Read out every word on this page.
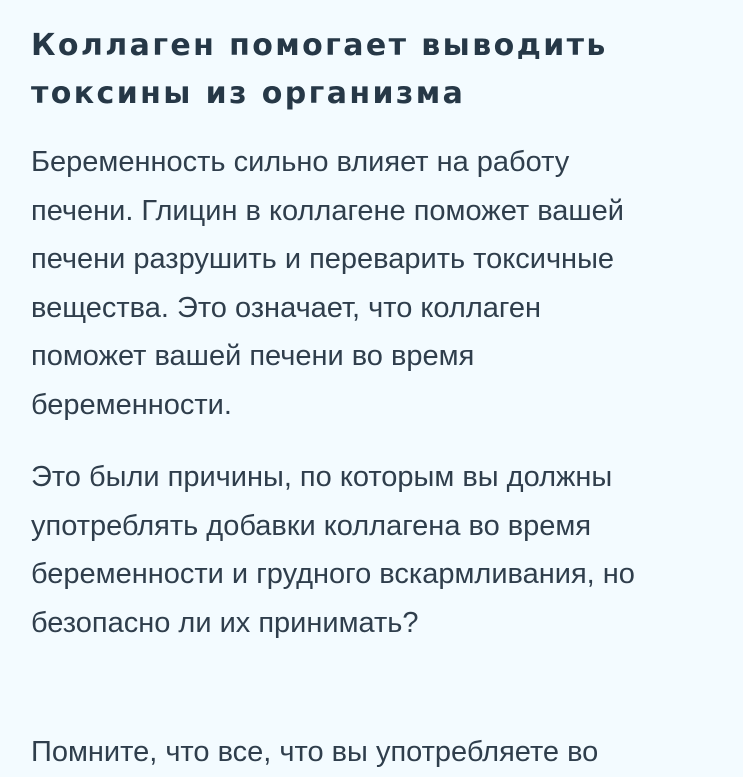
Коллаген помогает выводить
токсины из организма

Беременность сильно влияет на работу
печени. Глицин в коллагене поможет вашей
печени разрушить и переварить токсичные
вещества. Это означает, что коллаген
поможет вашей печени во время
беременности.

Это были причины, по которым вы должны
употреблять добавки коллагена во время
беременности и грудного вскармливания, но
безопасно ли их принимать?

Помните, что все, что вы употребляете во
